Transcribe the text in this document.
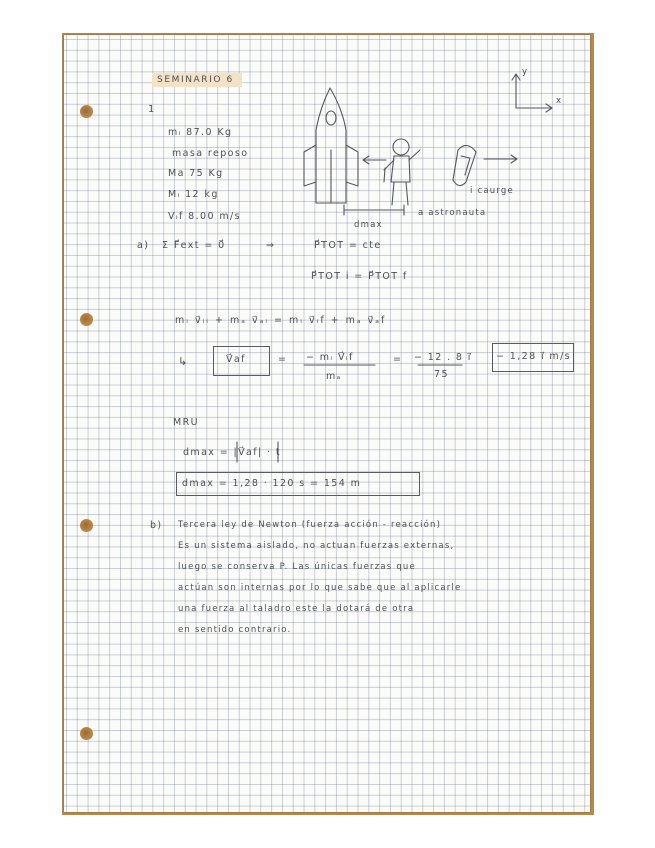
SEMINARIO 6
1
y
x
mᵢ 87.0 Kg
masa reposo
Ma 75 Kg
Mᵢ 12 kg
Vᵢf 8.00 m/s
i caurge
a astronauta
dmax
a) Σ F⃗ext = 0⃗	⇒	P⃗TOT = cte
P⃗TOT i = P⃗TOT f
mᵢ v⃗ᵢᵢ + mₐ v⃗ₐᵢ = mᵢ v⃗ᵢf + mₐ v⃗ₐf
↳	V⃗af	= − mᵢ V⃗ᵢf
mₐ
= − 12 . 8 i⃗
75
− 1,28 i⃗ m/s
MRU
dmax = |V⃗af| · t
dmax = 1,28 · 120 s = 154 m
b) Tercera ley de Newton (fuerza acción - reacción)
Es un sistema aislado, no actuan fuerzas externas,
luego se conserva P. Las únicas fuerzas que
actúan son internas por lo que sabe que al aplicarle
una fuerza al taladro este la dotará de otra
en sentido contrario.
